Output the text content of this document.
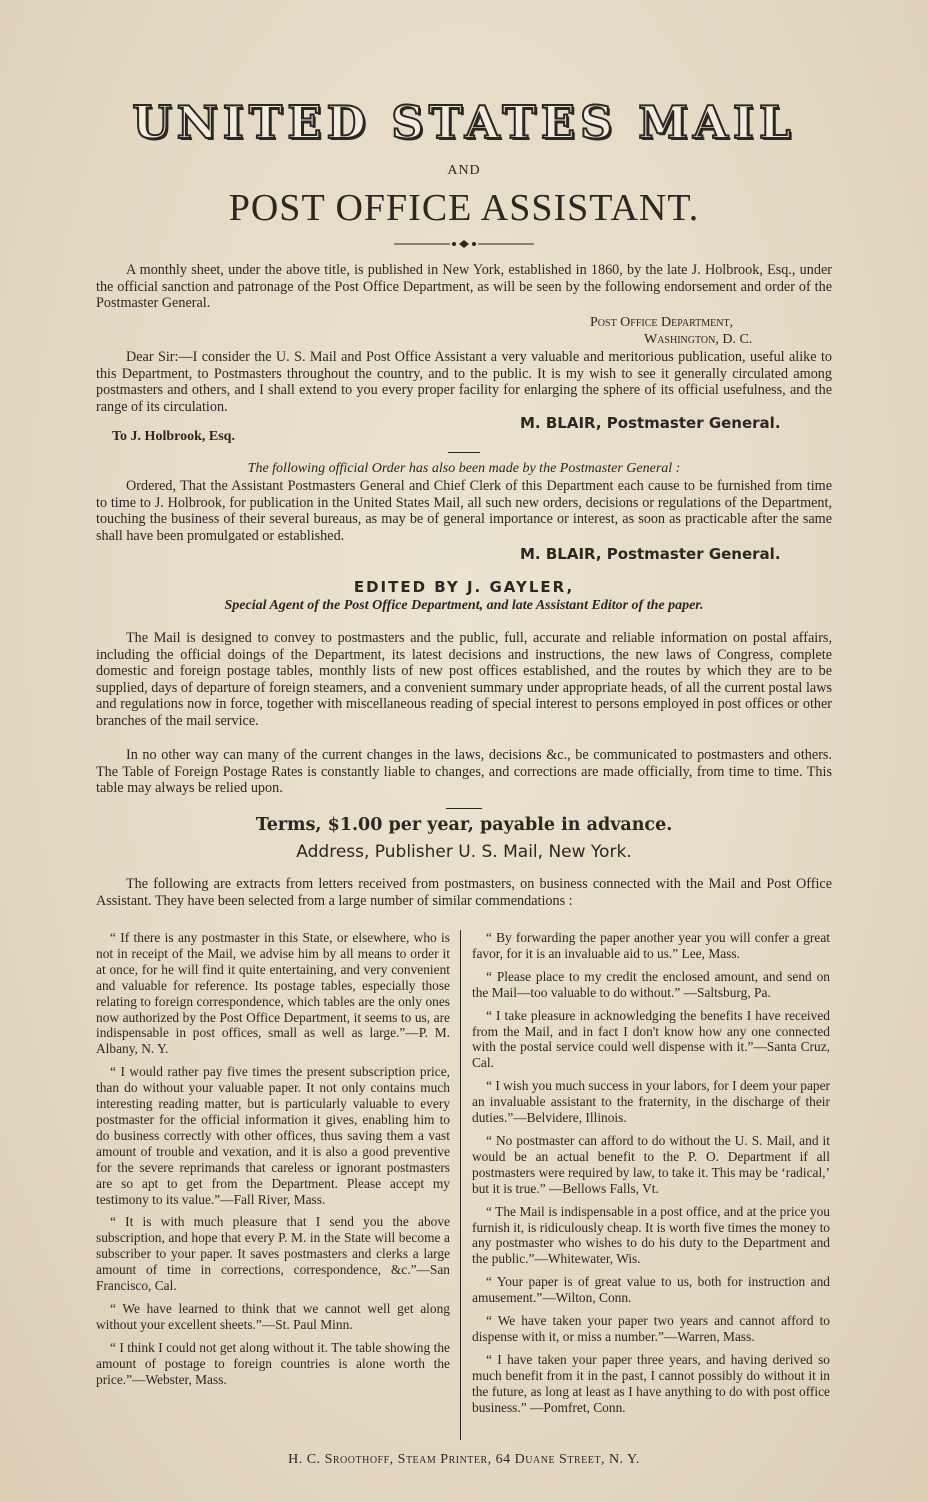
UNITED STATES MAIL
AND
POST OFFICE ASSISTANT.
A monthly sheet, under the above title, is published in New York, established in 1860, by the late J. Holbrook, Esq., under the official sanction and patronage of the Post Office Department, as will be seen by the following endorsement and order of the Postmaster General.
Post Office Department,
Washington, D. C.
Dear Sir:—I consider the U. S. Mail and Post Office Assistant a very valuable and meritorious publication, useful alike to this Department, to Postmasters throughout the country, and to the public. It is my wish to see it generally circulated among postmasters and others, and I shall extend to you every proper facility for enlarging the sphere of its official usefulness, and the range of its circulation.
M. BLAIR, Postmaster General.
To J. Holbrook, Esq.
The following official Order has also been made by the Postmaster General :
Ordered, That the Assistant Postmasters General and Chief Clerk of this Department each cause to be furnished from time to time to J. Holbrook, for publication in the United States Mail, all such new orders, decisions or regulations of the Department, touching the business of their several bureaus, as may be of general importance or interest, as soon as practicable after the same shall have been promulgated or established.
M. BLAIR, Postmaster General.
EDITED BY J. GAYLER,
Special Agent of the Post Office Department, and late Assistant Editor of the paper.
The Mail is designed to convey to postmasters and the public, full, accurate and reliable information on postal affairs, including the official doings of the Department, its latest decisions and instructions, the new laws of Congress, complete domestic and foreign postage tables, monthly lists of new post offices established, and the routes by which they are to be supplied, days of departure of foreign steamers, and a convenient summary under appropriate heads, of all the current postal laws and regulations now in force, together with miscellaneous reading of special interest to persons employed in post offices or other branches of the mail service.
In no other way can many of the current changes in the laws, decisions &c., be communicated to postmasters and others. The Table of Foreign Postage Rates is constantly liable to changes, and corrections are made officially, from time to time. This table may always be relied upon.
Terms, $1.00 per year, payable in advance.
Address, Publisher U. S. Mail, New York.
The following are extracts from letters received from postmasters, on business connected with the Mail and Post Office Assistant. They have been selected from a large number of similar commendations :

“ If there is any postmaster in this State, or elsewhere, who is not in receipt of the Mail, we advise him by all means to order it at once, for he will find it quite entertaining, and very convenient and valuable for reference. Its postage tables, especially those relating to foreign correspondence, which tables are the only ones now authorized by the Post Office Department, it seems to us, are indispensable in post offices, small as well as large.”—P. M. Albany, N. Y.

“ I would rather pay five times the present subscription price, than do without your valuable paper. It not only contains much interesting reading matter, but is particularly valuable to every postmaster for the official information it gives, enabling him to do business correctly with other offices, thus saving them a vast amount of trouble and vexation, and it is also a good preventive for the severe reprimands that careless or ignorant postmasters are so apt to get from the Department. Please accept my testimony to its value.”—Fall River, Mass.

“ It is with much pleasure that I send you the above subscription, and hope that every P. M. in the State will become a subscriber to your paper. It saves postmasters and clerks a large amount of time in corrections, correspondence, &c.”—San Francisco, Cal.

“ We have learned to think that we cannot well get along without your excellent sheets.”—St. Paul Minn.

“ I think I could not get along without it. The table showing the amount of postage to foreign countries is alone worth the price.”—Webster, Mass.

“ By forwarding the paper another year you will confer a great favor, for it is an invaluable aid to us.” Lee, Mass.

“ Please place to my credit the enclosed amount, and send on the Mail—too valuable to do without.” —Saltsburg, Pa.

“ I take pleasure in acknowledging the benefits I have received from the Mail, and in fact I don't know how any one connected with the postal service could well dispense with it.”—Santa Cruz, Cal.

“ I wish you much success in your labors, for I deem your paper an invaluable assistant to the fraternity, in the discharge of their duties.”—Belvidere, Illinois.

“ No postmaster can afford to do without the U. S. Mail, and it would be an actual benefit to the P. O. Department if all postmasters were required by law, to take it. This may be ‘radical,’ but it is true.” —Bellows Falls, Vt.

“ The Mail is indispensable in a post office, and at the price you furnish it, is ridiculously cheap. It is worth five times the money to any postmaster who wishes to do his duty to the Department and the public.”—Whitewater, Wis.

“ Your paper is of great value to us, both for instruction and amusement.”—Wilton, Conn.

“ We have taken your paper two years and cannot afford to dispense with it, or miss a number.”—Warren, Mass.

“ I have taken your paper three years, and having derived so much benefit from it in the past, I cannot possibly do without it in the future, as long at least as I have anything to do with post office business.” —Pomfret, Conn.

H. C. Sroothoff, Steam Printer, 64 Duane Street, N. Y.
